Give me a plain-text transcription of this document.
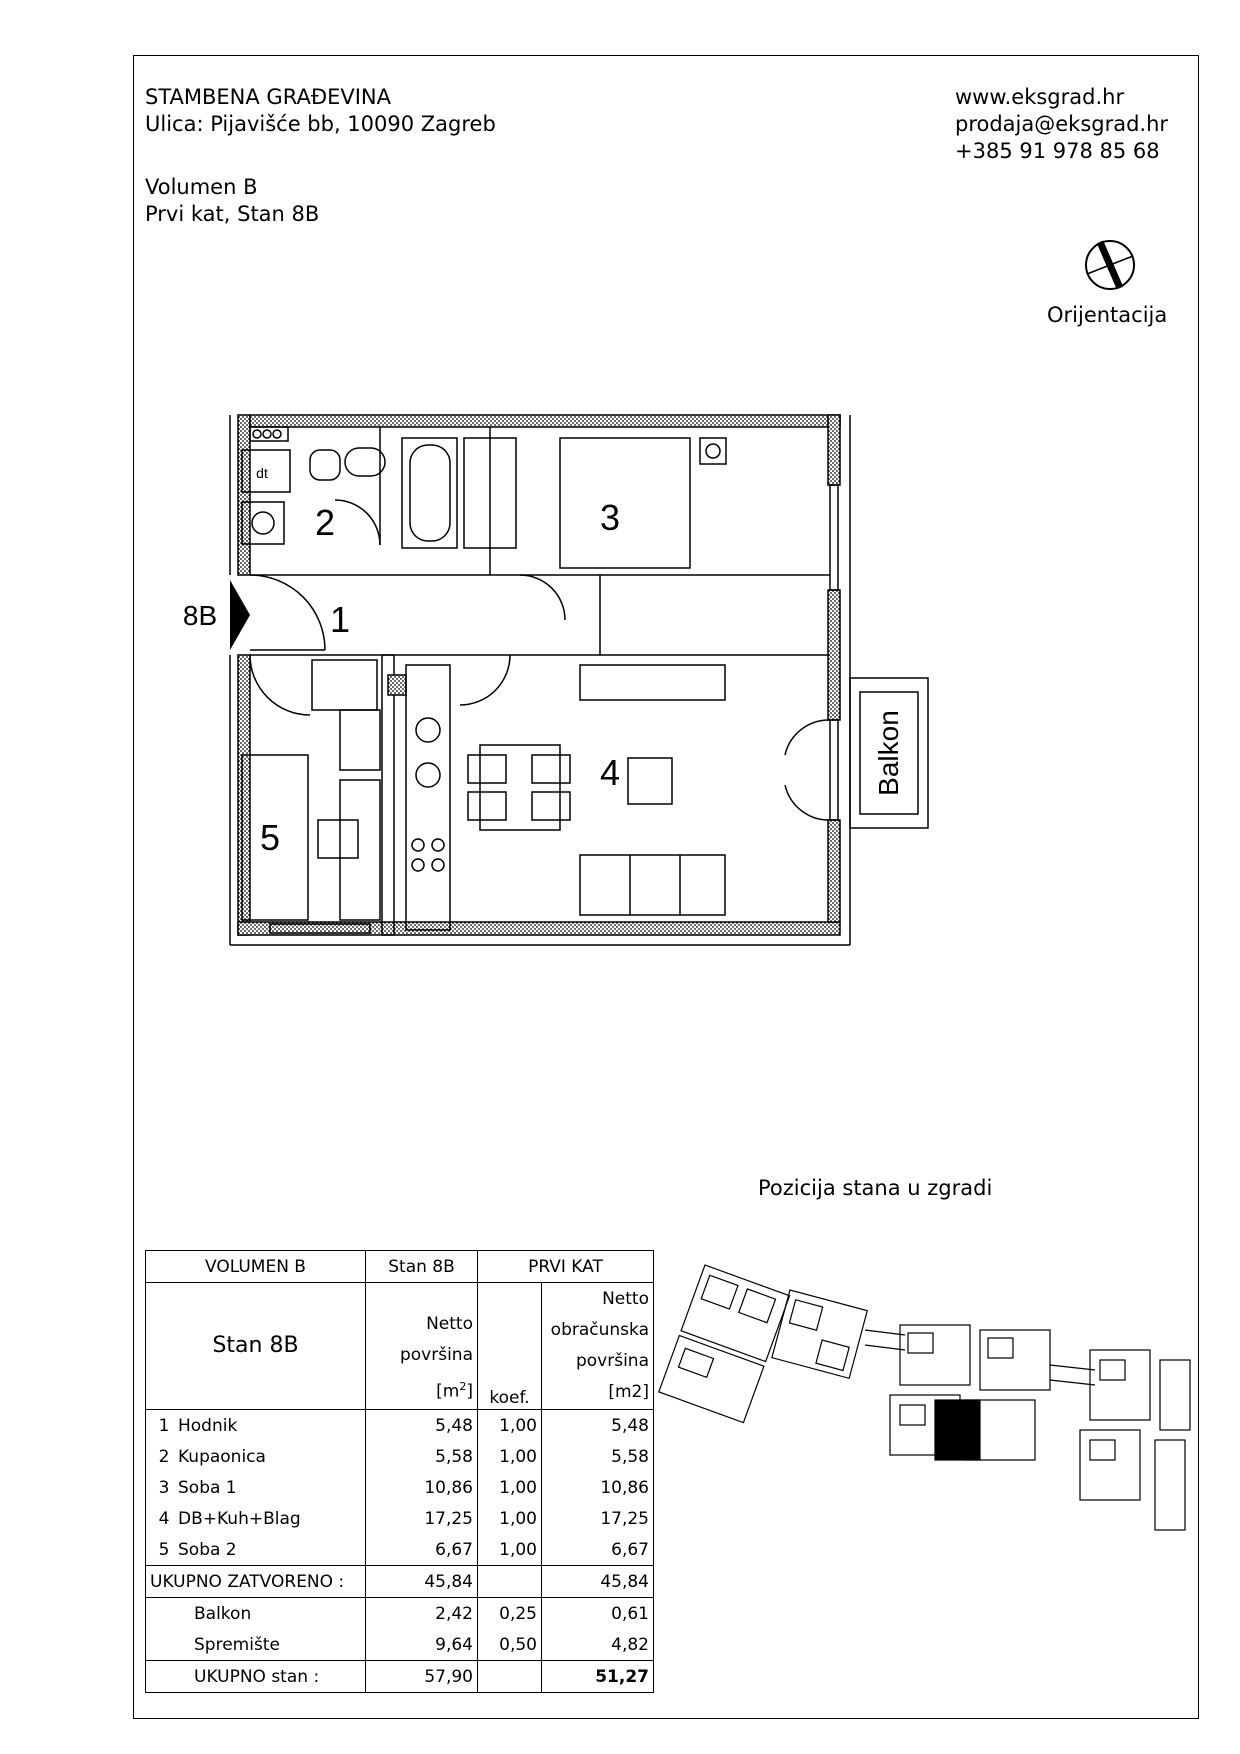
STAMBENA GRAĐEVINA
Ulica: Pijavišće bb, 10090 Zagreb
Volumen B
Prvi kat, Stan 8B
www.eksgrad.hr
prodaja@eksgrad.hr
+385 91 978 85 68
Orijentacija
1
2	3
4
5
8B
dt
Balkon
Pozicija stana u zgradi
VOLUMEN B	Stan 8B	PRVI KAT	
Stan 8B	Netto
površina
$[m^2]$	koef.	Netto
obračunska
površina
[m2]
1 Hodnik	5,48	1,00	5,48
2 Kupaonica	5,58	1,00	5,58
3 Soba 1	10,86	1,00	10,86
4 DB+Kuh+Blag	17,25	1,00	17,25
5 Soba 2	6,67	1,00	6,67
UKUPNO ZATVORENO :	45,84		45,84
Balkon	2,42	0,25	0,61
Spremište	9,64	0,50	4,82
UKUPNO stan :	57,90		51,27
